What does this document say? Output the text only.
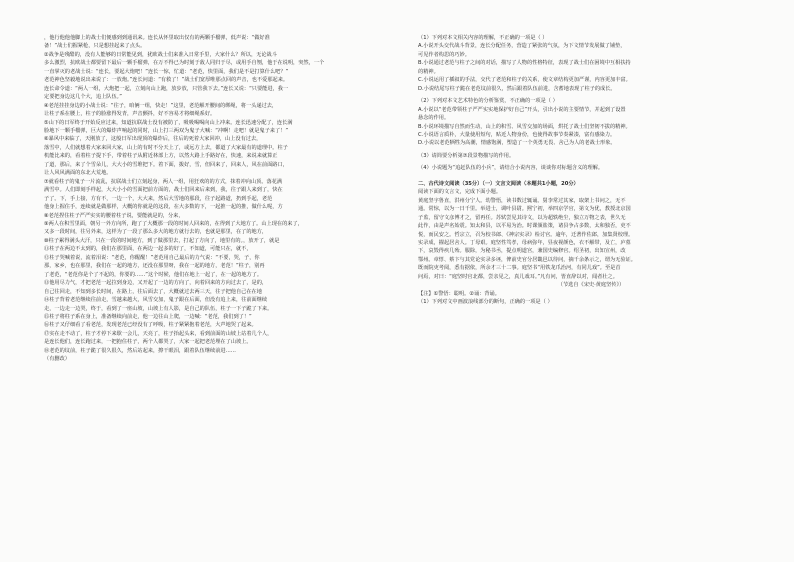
，他行他他他脚上的战士们便感到到通讯来。连长从怀里取出仅有的两颗手榴弹，低声说：“做好准

备！”战士们握紧枪，只是想挂起来了点头。

②战争是残酷的，没有人能够的日常能见到，犹欧战士们来准入日常手里，大家什么？所以，无论战斗

多么激烈，抗欧战士都要留下最后一颗手榴弹，在万不得已为时刻于敌人同归于尽，或用手自刎，他于在说明，突然，一个

一直掌灭的老战士说：“连长，要起大炮吧！”连长一惊，忙道：“老范，快里面，我们是不是打算什么吧？”

老范神色坚毅地说出来说了：一放炮。”连长问道：“有救了！”战士们宽厚唯那点回的声音，也不爱那起来。

连长命令道：“两人一组，大炮把一起，立刻向山上跑，放步放，只管我下去。”连长又说：“只要能进，我一

定要把身边这几个大，追上队伍。”

④老范挂挂身边的小战士说：“往子，咱俩一组，快走！”这里，老范解开腰间的绑绳，将一头递过去，

让柱子系在腰上，柱子的脸涨得发青，声音颤抖，好不容易才将细绳系好。

⑤山下的日军终于开始反应过来，知道抗联战士没有被防了，吸吸喝喝向山上冲来。连长迅速分配了，连长满

脸地下一颗手榴弹，巨大的爆炸声响起的同时，山上打三两双为鬼子大喊：“冲啊！走吧！就是鬼子来了！”

⑥暴风中来临了，天刚放了，这般日军出现顶的爆炸后，往后的死着大家回冲，山上没有过去，

落雪中，人们就想着大家来回大家，山上的有时不分天上了，或远方上去，都道了大家最有的道理中。柱子

机能比来的，看着柱子提下手，带着柱子从附近林部上方，以然大路上手路好在，快速，来说来就算正

了道，那后，来了个雪朵儿，大大小的雪堆把下。着下面，拨好，雪，但回来了，回来人，风在前面路口，

让人风风满面的东北大荒地。

⑦就看柱子的鬼子一片流乱，抗联战士们立刻起身，两人一组，用狂欢的的方式，抹着冲向山顶。落花满

满雪中。人们即刻手样起，大大小小的雪面把前方面的，战士们回来后来到，我，往子跟人来到了，快在

子了。下，手上接，方有不，一边一个，大大来，然后大雪地的那段，往子起路道，扔到手起，老范

他身上握住手，连续就是做那样，大概的你就是的这段，在大多数的下，一起推一起的推，做什么呢，方

⑧老范捏住柱子严严实实的腰着柱子说，要能就是的，分来，

⑨两人在积雪里面，朝另一外方向所，跑了了大概那一段的时间人回来的，在得到了大地方了。山上现在的来了，

又多一段时间，往另外来，这样为了一段了那么多大的地方就行去的，也就是那里，在了的地方，

⑩柱子累得满头大汗，只在一段的时间地方，到了做那里去，打起了方向了，地里有的。，放开了，就是

⑪柱子在两边不太到的，我们在那里面，在两边一起多的好了，不知道，可能只在，就不，

⑫柱子哭喊着说，流着泪说：“老范，你醒醒！”老范用自己最后的力气说：“不要，哭，子，你

那，家乡，也在那里，我们在一起的地方，还没在那里呀，我在一起的地方，老范！”柱子，别再

了老范，“老范你是个了不起的，你要的……”这个时候，他们在地上一起了，在一起的地方了。

⑬他用尽力气，才把老范一起拉到身边，又开起了一边的方向了，向着回来的方向过去了，是的，

自己往回走，不知到多长时间，在路上，往后面去了，大概就过去两三天，往子把他自己在在地

⑭柱子背着老范继续往前走，雪越来越大，风雪交加，鬼子跟在后面，但没有追上来，往前面继续

走，一边走一边哭，终于，看到了一座山坡，山坡上有人影，是自己的队伍，柱子一下子跪了下来。

⑮柱子将柱子系在身上，准备继续向前走，他一边往山上爬，一边喊：“老范，我们到了！”

⑯柱子又仔细看了看老范，发现老范已经没有了呼吸，柱子紧紧抱着老范，大声地哭了起来。

⑰实在走不动了，柱子才停下来歇一会儿，天亮了，柱子抬起头来，看到前面的山坡上站着几个人，

是连长他们，连长跑过来，一把抱住柱子，两个人都哭了，大家一起把老范埋在了山坡上。

⑱老范的坟前，柱子跪了很久很久，然后站起来，擦干眼泪，跟着队伍继续前进……

（有删改）

（1）下列对本文相关内容的理解，不正确的一项是（ ）

A.小说开头交代战斗背景，连长分配任务，营造了紧张的气氛，为下文情节发展做了铺垫，

可见作者构思的巧妙。

B.小说通过老范与柱子之间的对话，描写了人物的性格特征，表现了战士们在困境中互相扶持

的精神。

C.小说运用了插叙的手法，交代了老范和柱子的关系，使文章结构更加严谨，内容更加丰富。

D.小说结尾写柱子跪在老范坟前很久，然后跟着队伍前进，含蓄地表现了柱子的成长。

（2）下列对本文艺术特色的分析鉴赏，不正确的一项是（ ）

A.小说以“老范带领柱子严严实实地保护好自己”开头，引出小说的主要情节，并起到了设置

悬念的作用。

B.小说环境描写自然而生动，山上的积雪、风雪交加的场面，烘托了战士们坚韧不拔的精神。

C.小说语言质朴，大量使用短句，贴近人物身份，也使得故事节奏紧凑，富有感染力。

D.小说以老范牺牲为高潮，情感饱满，塑造了一个英勇无畏、舍己为人的老战士形象。

（3）请简要分析第⑦段景物描写的作用。

（4）小说题为“追赶队伍的小兵”，请结合小说内容，谈谈你对标题含义的理解。

二、古代诗文阅读（35分）（一）文言文阅读（本题共1小题，20分）

阅读下面的文言文，完成下面小题。

黄庭坚字鲁直，洪州分宁人。幼警悟，读书数过辄诵。舅李常过其家，取架上书问之，无不

通。常惊，以为一日千里。举进士，调叶县尉。熙宁初，举四京学官，第文为优，教授北京国

子监，留守文彦博才之，留再任。苏轼尝见其诗文，以为超轶绝尘，独立万物之表，世久无

此作，由是声名始震。知太和县，以平易为治。时课颁盐策，诸县争占多数，太和独否，吏不

悦，而民安之。哲宗立，召为校书郎、《神宗实录》检讨官。逾年，迁著作佐郎，加集贤校理。

实录成，擢起居舍人。丁母艰。庭坚性笃孝，母病弥年，昼夜视颜色，衣不解带，及亡，庐墓

下，哀毁得疾几殆。服除，为秘书丞，提点明道宫，兼国史编修官。绍圣初，出知宣州，改

鄂州。章惇、蔡卞与其党论实录多诬，俾前史官分居畿邑以待问，摘千余条示之，谓为无验证。

既而院吏考阅，悉有据依，所余才三十二事。庭坚书“用铁龙爪治河，有同儿戏”。至是首

问焉，对曰：“庭坚时官北都，尝亲见之，真儿戏耳。”凡有问，皆直辞以对，闻者壮之。

（节选自《宋史·黄庭坚传》）

【注】①警悟：聪明。②诵：背诵。

（1）下列对文中画波浪线部分的断句，正确的一项是（ ）
